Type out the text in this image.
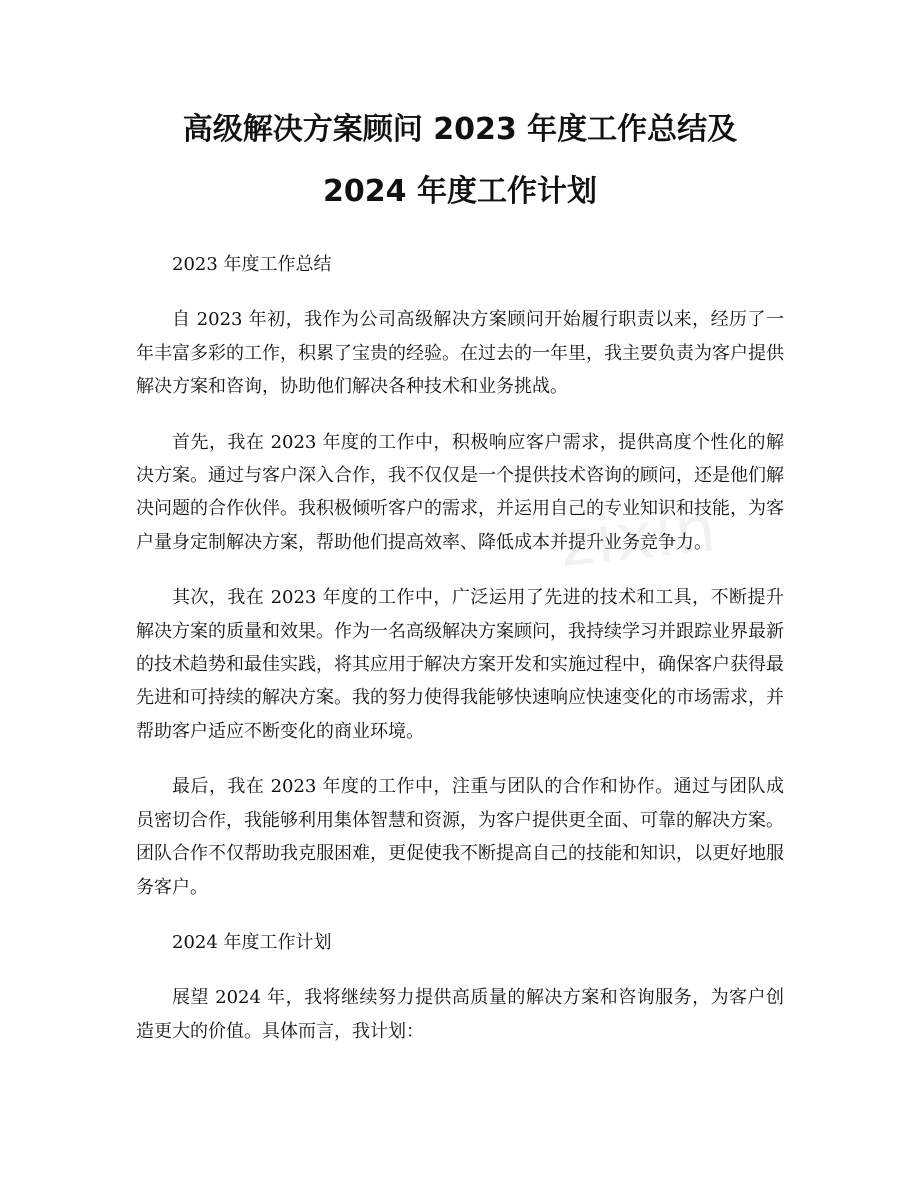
zixin
高级解决方案顾问 2023 年度工作总结及
2024 年度工作计划

2023 年度工作总结

自 2023 年初，我作为公司高级解决方案顾问开始履行职责以来，经历了一年丰富多彩的工作，积累了宝贵的经验。在过去的一年里，我主要负责为客户提供解决方案和咨询，协助他们解决各种技术和业务挑战。

首先，我在 2023 年度的工作中，积极响应客户需求，提供高度个性化的解决方案。通过与客户深入合作，我不仅仅是一个提供技术咨询的顾问，还是他们解决问题的合作伙伴。我积极倾听客户的需求，并运用自己的专业知识和技能，为客户量身定制解决方案，帮助他们提高效率、降低成本并提升业务竞争力。

其次，我在 2023 年度的工作中，广泛运用了先进的技术和工具，不断提升解决方案的质量和效果。作为一名高级解决方案顾问，我持续学习并跟踪业界最新的技术趋势和最佳实践，将其应用于解决方案开发和实施过程中，确保客户获得最先进和可持续的解决方案。我的努力使得我能够快速响应快速变化的市场需求，并帮助客户适应不断变化的商业环境。

最后，我在 2023 年度的工作中，注重与团队的合作和协作。通过与团队成员密切合作，我能够利用集体智慧和资源，为客户提供更全面、可靠的解决方案。团队合作不仅帮助我克服困难，更促使我不断提高自己的技能和知识，以更好地服务客户。

2024 年度工作计划

展望 2024 年，我将继续努力提供高质量的解决方案和咨询服务，为客户创造更大的价值。具体而言，我计划：
